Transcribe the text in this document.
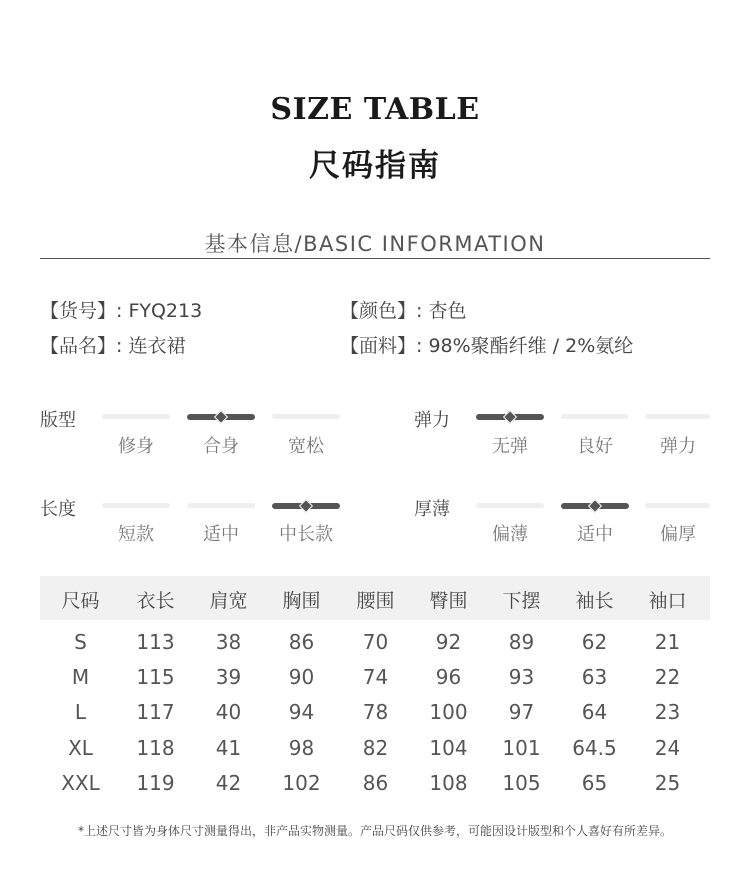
SIZE TABLE
尺码指南
基本信息/BASIC INFORMATION
【货号】: FYQ213	【颜色】: 杏色
【品名】: 连衣裙	【面料】: 98%聚酯纤维 / 2%氨纶
版型
修身	合身	宽松
弹力
无弹	良好	弹力
长度
短款	适中	中长款
厚薄
偏薄	适中	偏厚
尺码	衣长	肩宽	胸围	腰围	臀围	下摆	袖长	袖口
S	113	38	86	70	92	89	62	21
M	115	39	90	74	96	93	63	22
L	117	40	94	78	100	97	64	23
XL	118	41	98	82	104	101	64.5	24
XXL	119	42	102	86	108	105	65	25
*上述尺寸皆为身体尺寸测量得出，非产品实物测量。产品尺码仅供参考，可能因设计版型和个人喜好有所差异。
